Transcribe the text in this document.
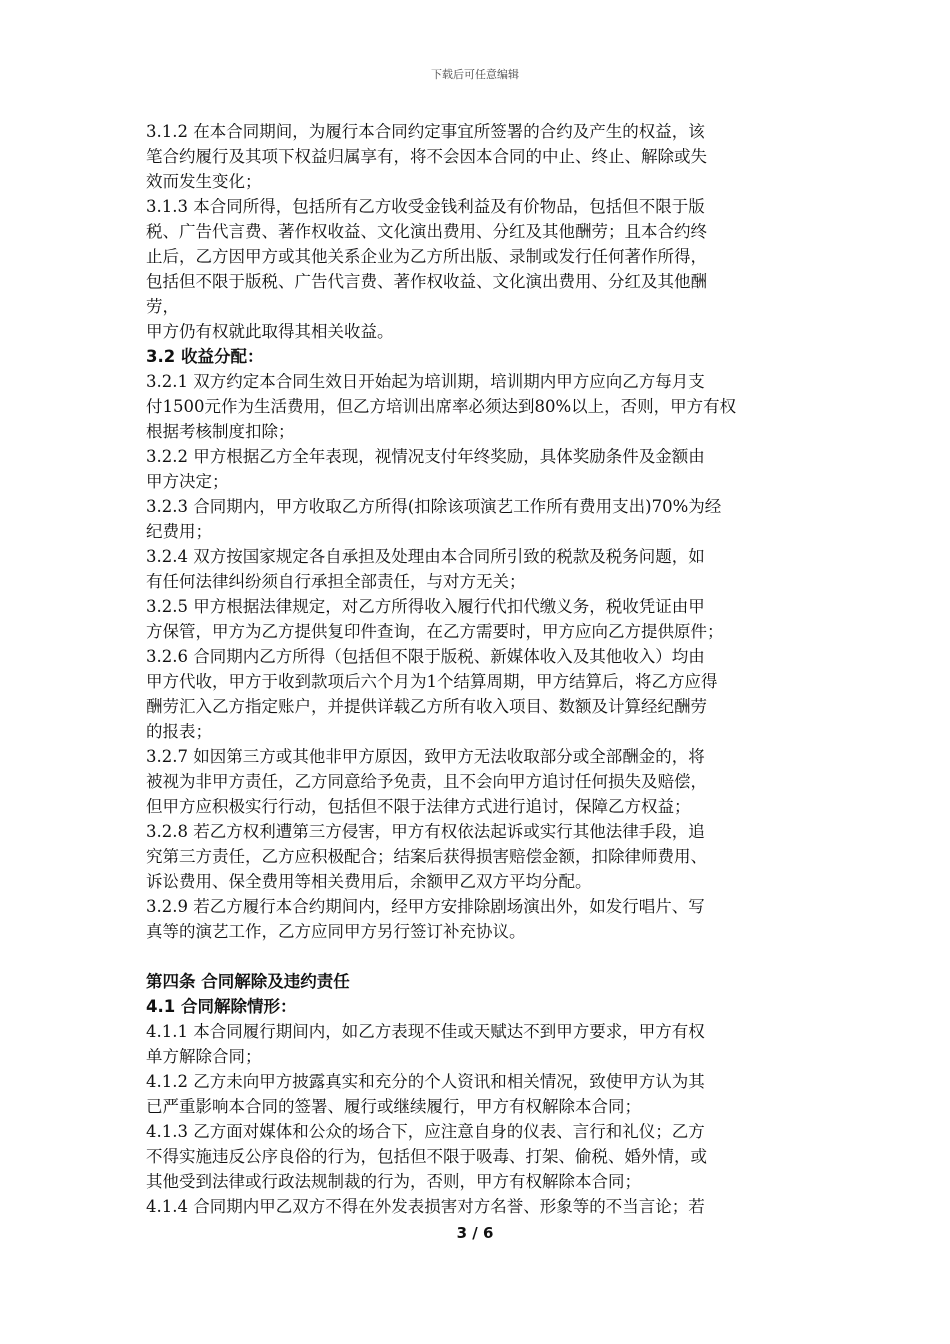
下载后可任意编辑
3.1.2 在本合同期间，为履行本合同约定事宜所签署的合约及产生的权益，该
笔合约履行及其项下权益归属享有，将不会因本合同的中止、终止、解除或失
效而发生变化；
3.1.3 本合同所得，包括所有乙方收受金钱利益及有价物品，包括但不限于版
税、广告代言费、著作权收益、文化演出费用、分红及其他酬劳；且本合约终
止后，乙方因甲方或其他关系企业为乙方所出版、录制或发行任何著作所得，
包括但不限于版税、广告代言费、著作权收益、文化演出费用、分红及其他酬
劳，
甲方仍有权就此取得其相关收益。
3.2 收益分配：
3.2.1 双方约定本合同生效日开始起为培训期，培训期内甲方应向乙方每月支
付1500元作为生活费用，但乙方培训出席率必须达到80%以上，否则，甲方有权
根据考核制度扣除；
3.2.2 甲方根据乙方全年表现，视情况支付年终奖励，具体奖励条件及金额由
甲方决定；
3.2.3 合同期内，甲方收取乙方所得(扣除该项演艺工作所有费用支出)70%为经
纪费用；
3.2.4 双方按国家规定各自承担及处理由本合同所引致的税款及税务问题，如
有任何法律纠纷须自行承担全部责任，与对方无关；
3.2.5 甲方根据法律规定，对乙方所得收入履行代扣代缴义务，税收凭证由甲
方保管，甲方为乙方提供复印件查询，在乙方需要时，甲方应向乙方提供原件；
3.2.6 合同期内乙方所得（包括但不限于版税、新媒体收入及其他收入）均由
甲方代收，甲方于收到款项后六个月为1个结算周期，甲方结算后，将乙方应得
酬劳汇入乙方指定账户，并提供详载乙方所有收入项目、数额及计算经纪酬劳
的报表；
3.2.7 如因第三方或其他非甲方原因，致甲方无法收取部分或全部酬金的，将
被视为非甲方责任，乙方同意给予免责，且不会向甲方追讨任何损失及赔偿，
但甲方应积极实行行动，包括但不限于法律方式进行追讨，保障乙方权益；
3.2.8 若乙方权利遭第三方侵害，甲方有权依法起诉或实行其他法律手段，追
究第三方责任，乙方应积极配合；结案后获得损害赔偿金额，扣除律师费用、
诉讼费用、保全费用等相关费用后，余额甲乙双方平均分配。
3.2.9 若乙方履行本合约期间内，经甲方安排除剧场演出外，如发行唱片、写
真等的演艺工作，乙方应同甲方另行签订补充协议。
第四条 合同解除及违约责任
4.1 合同解除情形：
4.1.1 本合同履行期间内，如乙方表现不佳或天赋达不到甲方要求，甲方有权
单方解除合同；
4.1.2 乙方未向甲方披露真实和充分的个人资讯和相关情况，致使甲方认为其
已严重影响本合同的签署、履行或继续履行，甲方有权解除本合同；
4.1.3 乙方面对媒体和公众的场合下，应注意自身的仪表、言行和礼仪；乙方
不得实施违反公序良俗的行为，包括但不限于吸毒、打架、偷税、婚外情，或
其他受到法律或行政法规制裁的行为，否则，甲方有权解除本合同；
4.1.4 合同期内甲乙双方不得在外发表损害对方名誉、形象等的不当言论；若
3 / 6
